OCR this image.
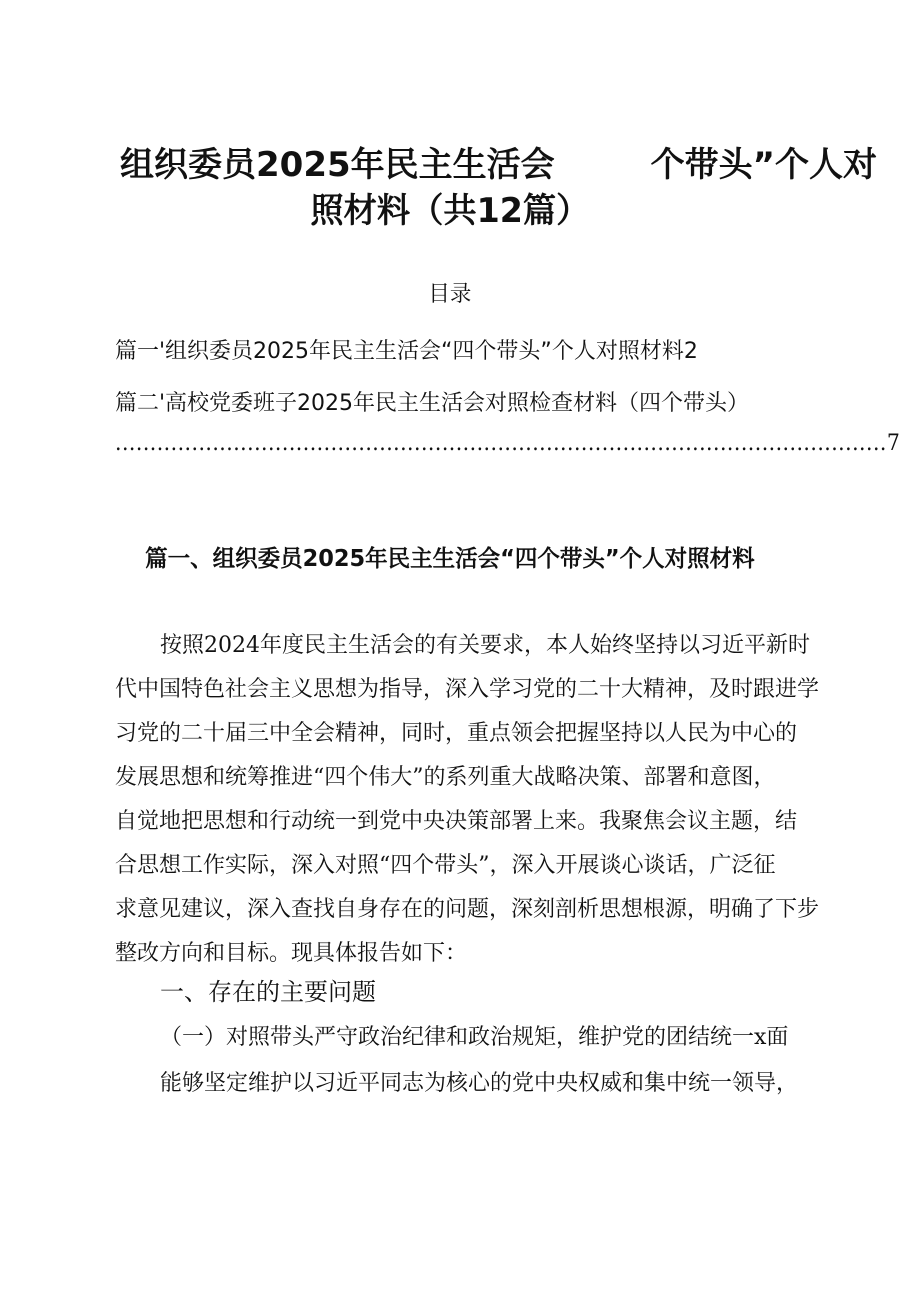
组织委员2025年民主生活会	个带头”个人对
照材料（共12篇）
目录
篇一'组织委员2025年民主生活会“四个带头”个人对照材料2
篇二'高校党委班子2025年民主生活会对照检查材料（四个带头）
...............................................................................................................7
篇一、组织委员2025年民主生活会“四个带头”个人对照材料
按照2024年度民主生活会的有关要求，本人始终坚持以习近平新时
代中国特色社会主义思想为指导，深入学习党的二十大精神，及时跟进学
习党的二十届三中全会精神，同时，重点领会把握坚持以人民为中心的
发展思想和统筹推进“四个伟大”的系列重大战略决策、部署和意图，
自觉地把思想和行动统一到党中央决策部署上来。我聚焦会议主题，结
合思想工作实际，深入对照“四个带头”，深入开展谈心谈话，广泛征
求意见建议，深入查找自身存在的问题，深刻剖析思想根源，明确了下步
整改方向和目标。现具体报告如下：
一、存在的主要问题
（一）对照带头严守政治纪律和政治规矩，维护党的团结统一ⅹ面
能够坚定维护以习近平同志为核心的党中央权威和集中统一领导，
